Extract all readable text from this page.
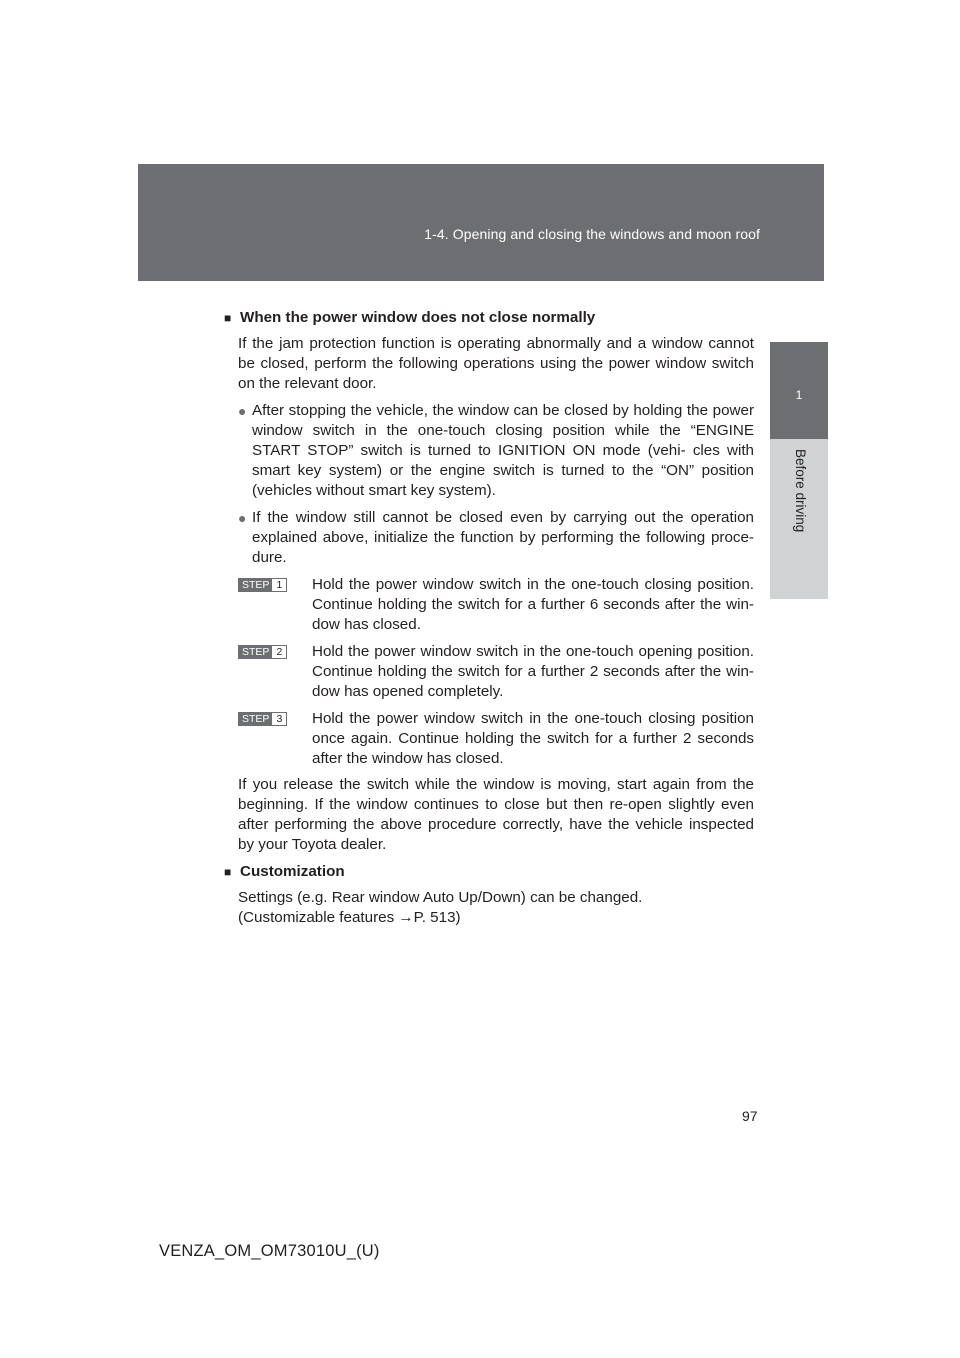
1-4. Opening and closing the windows and moon roof
1
Before driving
■ When the power window does not close normally
If the jam protection function is operating abnormally and a window cannot be closed, perform the following operations using the power window switch on the relevant door.
● After stopping the vehicle, the window can be closed by holding the power window switch in the one-touch closing position while the “ENGINE START STOP” switch is turned to IGNITION ON mode (vehi- cles with smart key system) or the engine switch is turned to the “ON” position (vehicles without smart key system).
● If the window still cannot be closed even by carrying out the operation explained above, initialize the function by performing the following proce- dure.
STEP 1 Hold the power window switch in the one-touch closing position. Continue holding the switch for a further 6 seconds after the win- dow has closed.
STEP 2 Hold the power window switch in the one-touch opening position. Continue holding the switch for a further 2 seconds after the win- dow has opened completely.
STEP 3 Hold the power window switch in the one-touch closing position once again. Continue holding the switch for a further 2 seconds after the window has closed.
If you release the switch while the window is moving, start again from the beginning. If the window continues to close but then re-open slightly even after performing the above procedure correctly, have the vehicle inspected by your Toyota dealer.
■ Customization
Settings (e.g. Rear window Auto Up/Down) can be changed.
(Customizable features →P. 513)
97
VENZA_OM_OM73010U_(U)
